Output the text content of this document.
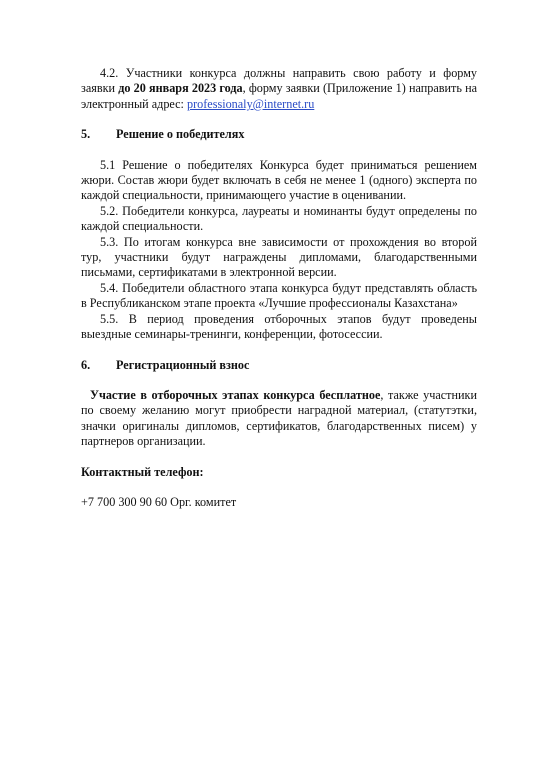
4.2. Участники конкурса должны направить свою работу и форму заявки до 20 января 2023 года, форму заявки (Приложение 1) направить на электронный адрес: professionaly@internet.ru

5.	Решение о победителях

5.1 Решение о победителях Конкурса будет приниматься решением жюри. Состав жюри будет включать в себя не менее 1 (одного) эксперта по каждой специальности, принимающего участие в оценивании.

5.2. Победители конкурса, лауреаты и номинанты будут определены по каждой специальности.

5.3. По итогам конкурса вне зависимости от прохождения во второй тур, участники будут награждены дипломами, благодарственными письмами, сертификатами в электронной версии.

5.4. Победители областного этапа конкурса будут представлять область в Республиканском этапе проекта «Лучшие профессионалы Казахстана»

5.5. В период проведения отборочных этапов будут проведены выездные семинары-тренинги, конференции, фотосессии.

6.	Регистрационный взнос

Участие в отборочных этапах конкурса бесплатное, также участники по своему желанию могут приобрести наградной материал, (статутэтки, значки оригиналы дипломов, сертификатов, благодарственных писем) у партнеров организации.

Контактный телефон:

+7 700 300 90 60 Орг. комитет
